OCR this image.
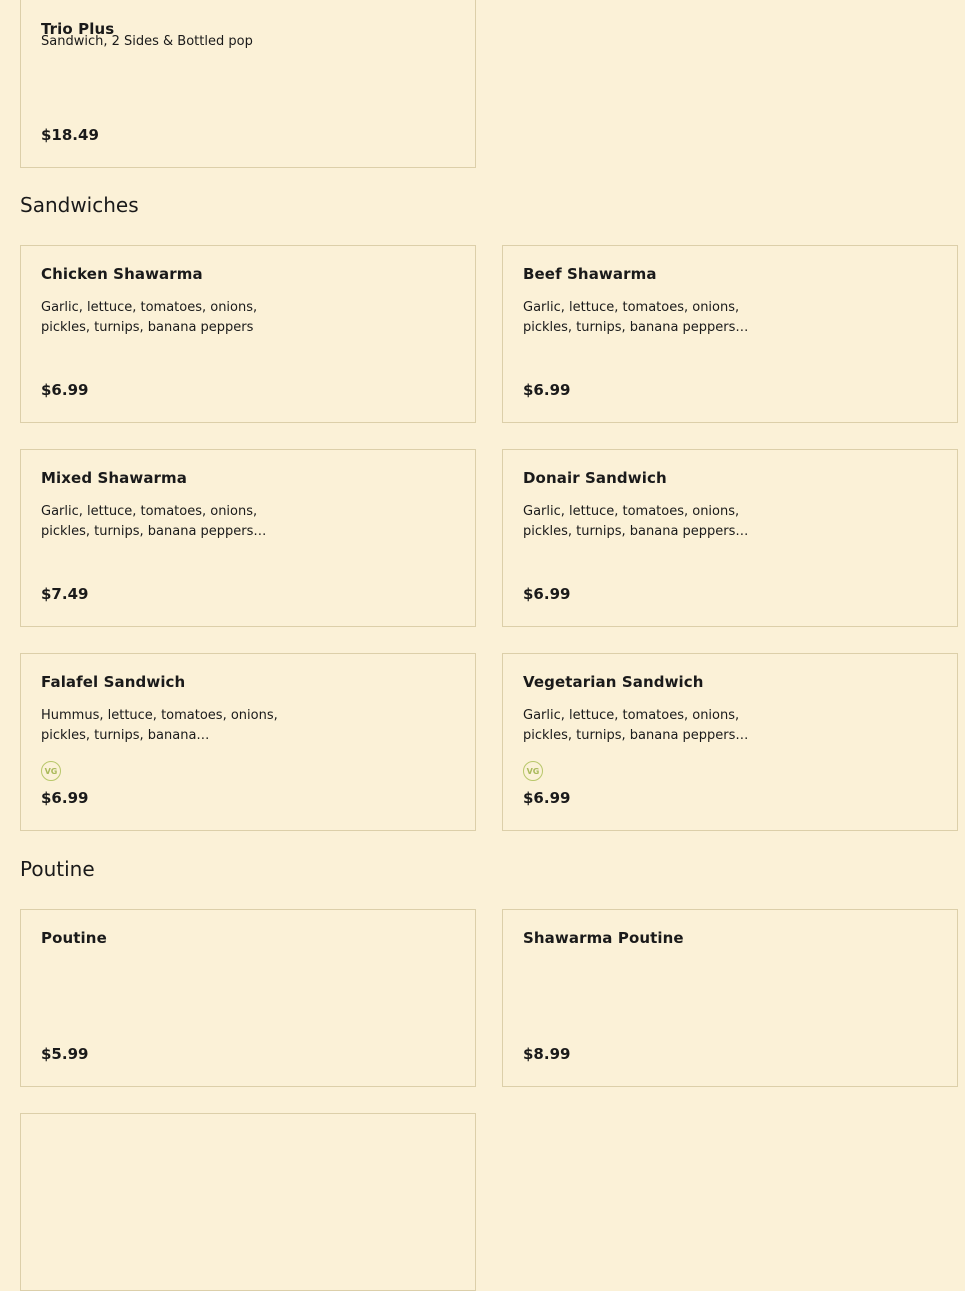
Trio Plus
Sandwich, 2 Sides & Bottled pop
$18.49
Sandwiches
Chicken Shawarma
Garlic, lettuce, tomatoes, onions, pickles, turnips, banana peppers
$6.99
Beef Shawarma
Garlic, lettuce, tomatoes, onions, pickles, turnips, banana peppers…
$6.99
Mixed Shawarma
Garlic, lettuce, tomatoes, onions, pickles, turnips, banana peppers…
$7.49
Donair Sandwich
Garlic, lettuce, tomatoes, onions, pickles, turnips, banana peppers…
$6.99
Falafel Sandwich
Hummus, lettuce, tomatoes, onions, pickles, turnips, banana…
VG
$6.99
Vegetarian Sandwich
Garlic, lettuce, tomatoes, onions, pickles, turnips, banana peppers…
VG
$6.99
Poutine
Poutine
$5.99
Shawarma Poutine
$8.99
